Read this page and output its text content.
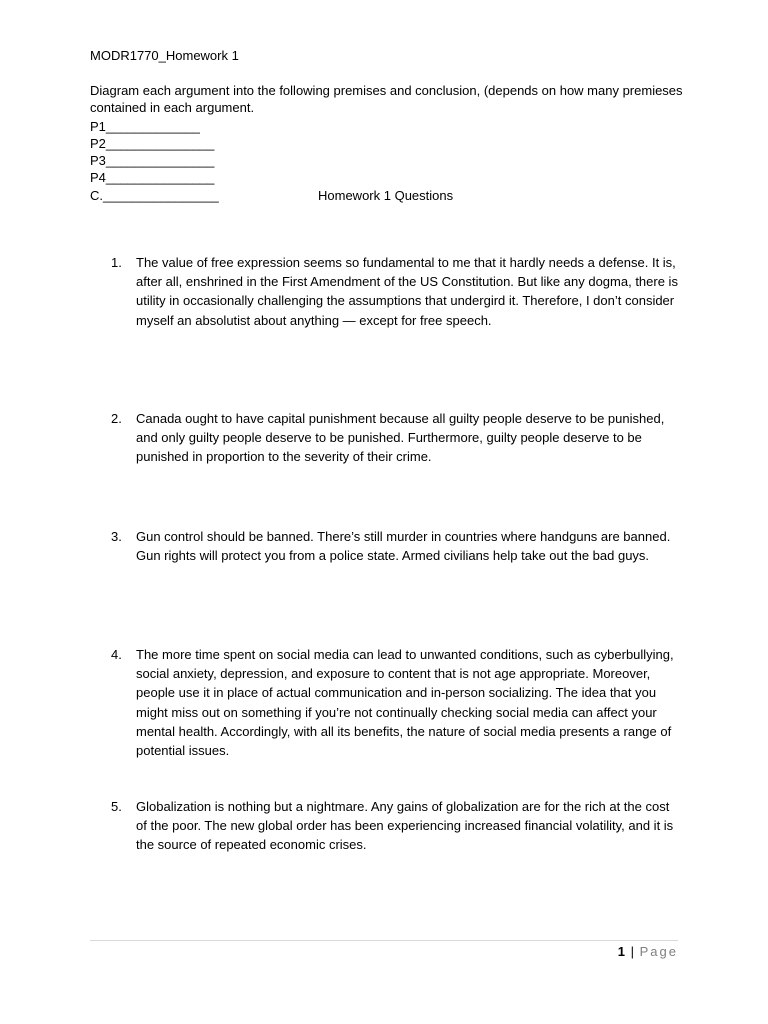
MODR1770_Homework 1

Diagram each argument into the following premises and conclusion, (depends on how many premieses contained in each argument.

P1_____________

P2_______________

P3_______________

P4_______________

C.________________	Homework 1 Questions

1.	The value of free expression seems so fundamental to me that it hardly needs a defense. It is, after all, enshrined in the First Amendment of the US Constitution. But like any dogma, there is utility in occasionally challenging the assumptions that undergird it. Therefore, I don’t consider myself an absolutist about anything — except for free speech.
2.	Canada ought to have capital punishment because all guilty people deserve to be punished, and only guilty people deserve to be punished. Furthermore, guilty people deserve to be punished in proportion to the severity of their crime.
3.	Gun control should be banned. There’s still murder in countries where handguns are banned. Gun rights will protect you from a police state. Armed civilians help take out the bad guys.
4.	The more time spent on social media can lead to unwanted conditions, such as cyberbullying, social anxiety, depression, and exposure to content that is not age appropriate. Moreover, people use it in place of actual communication and in-person socializing. The idea that you might miss out on something if you’re not continually checking social media can affect your mental health. Accordingly, with all its benefits, the nature of social media presents a range of potential issues.
5.	Globalization is nothing but a nightmare. Any gains of globalization are for the rich at the cost of the poor. The new global order has been experiencing increased financial volatility, and it is the source of repeated economic crises.
1 | Page
